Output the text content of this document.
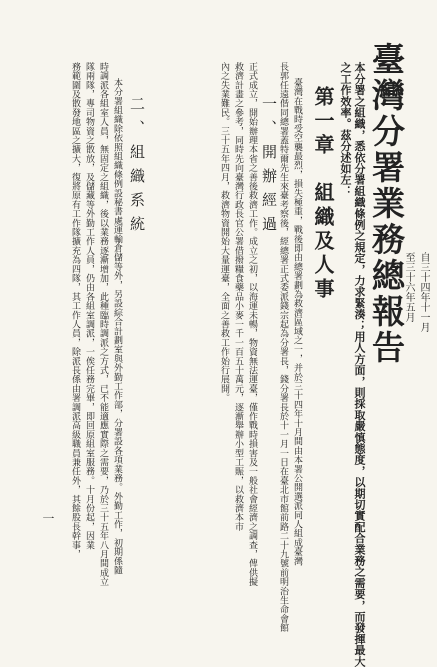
臺灣分署業務總報告 自三十四年十一月
至三十六年五月
本分署之組織，悉依分署組織條例之規定，力求緊湊；用人方面，則採取嚴慎態度，以期切實配合業務之需要，而發揮最大
之工作效率。茲分述如左：
第一章　組織及人事
臺灣在戰時受空襲最烈，損失極重，戰後即由總署劃為救濟區域之一，并於三十四年十月間由本署公開選派同人組成臺灣
長郭任遠偕同總署蓋特爾先生來臺考察後，經總署正式委派錢宗起為分署長，錢分署長於十一月一日在臺北市館前路二十九號前明治生命會館
一、開辦經過
正式成立，開始辦理本省之善後救濟工作。成立之初，以海運未暢，物資無法運臺，僅作戰時損害及一般社會經濟之調查，俾供擬
救濟計畫之參考，同時先向臺灣行政長官公署借撥糧食藥品小麥一千一百五十萬元，逐漸舉辦小型工賑，以救濟本市
內之失業難民。三十五年四月，救濟物資開始大量運臺，全面之善救工作始行展開。
二、組織系統
本分署組織除依照組織條例設秘書處運輸倉儲等外，另設綜合計劃室與外勤工作部，分署設各項業務。外勤工作，初期係隨
時調派各組室人員，無固定之組織，後以業務逐漸增加，此種臨時調派之方式，已不能適應實際之需要，乃於三十五年八月間成立
隊兩隊，專司物資之散放，及儲藏等外勤工作人員，仍由各組室調派，一俟任務完畢，即回原組室服務。十月份起，因業
務範圍及散發地區之擴大，復將原有工作隊擴充為四隊，其工作人員，除派長係由署調派高級職員兼任外，其餘股長幹事，
一
